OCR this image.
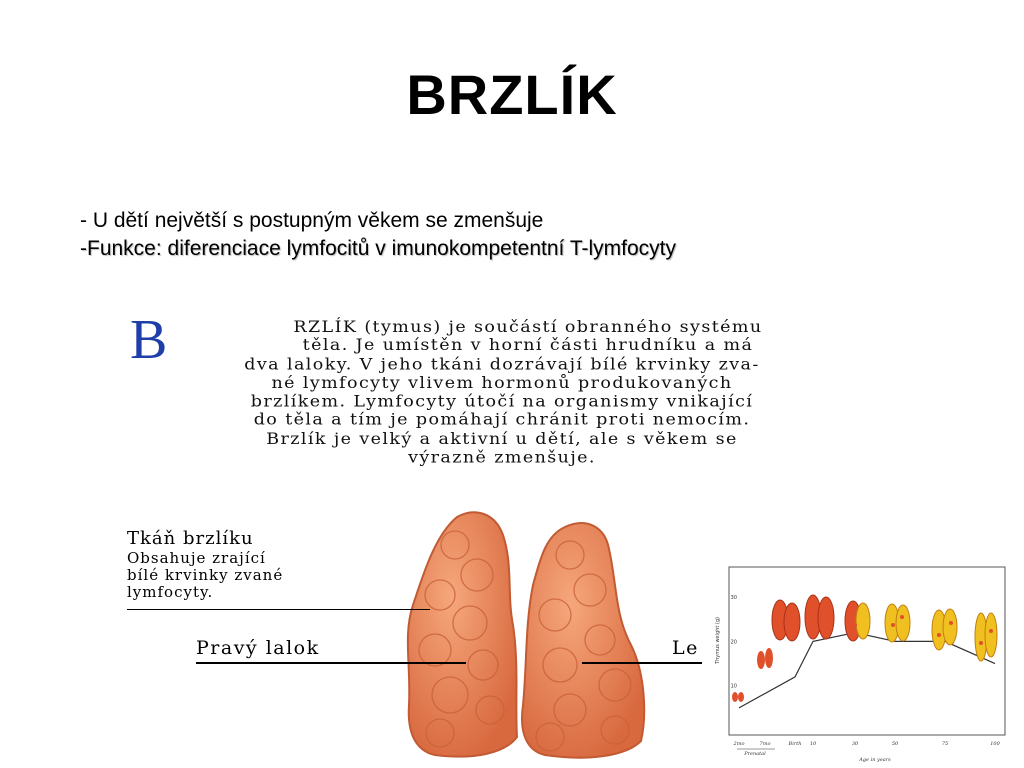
BRZLÍK
- U dětí největší s postupným věkem se zmenšuje
-Funkce: diferenciace lymfocitů v imunokompetentní T-lymfocyty
B	RZLÍK (tymus) je součástí obranného systému
těla. Je umístěn v horní části hrudníku a má
dva laloky. V jeho tkáni dozrávají bílé krvinky zva-
né lymfocyty vlivem hormonů produkovaných
brzlíkem. Lymfocyty útočí na organismy vnikající
do těla a tím je pomáhají chránit proti nemocím.
Brzlík je velký a aktivní u dětí, ale s věkem se
výrazně zmenšuje.
Tkáň brzlíku
Obsahuje zrající
bílé krvinky zvané
lymfocyty.
Pravý lalok	Le	Thymus weight (g)
10
20
30
2mo	7mo	Birth 10	30	50	75	100
Prenatal
Age in years
